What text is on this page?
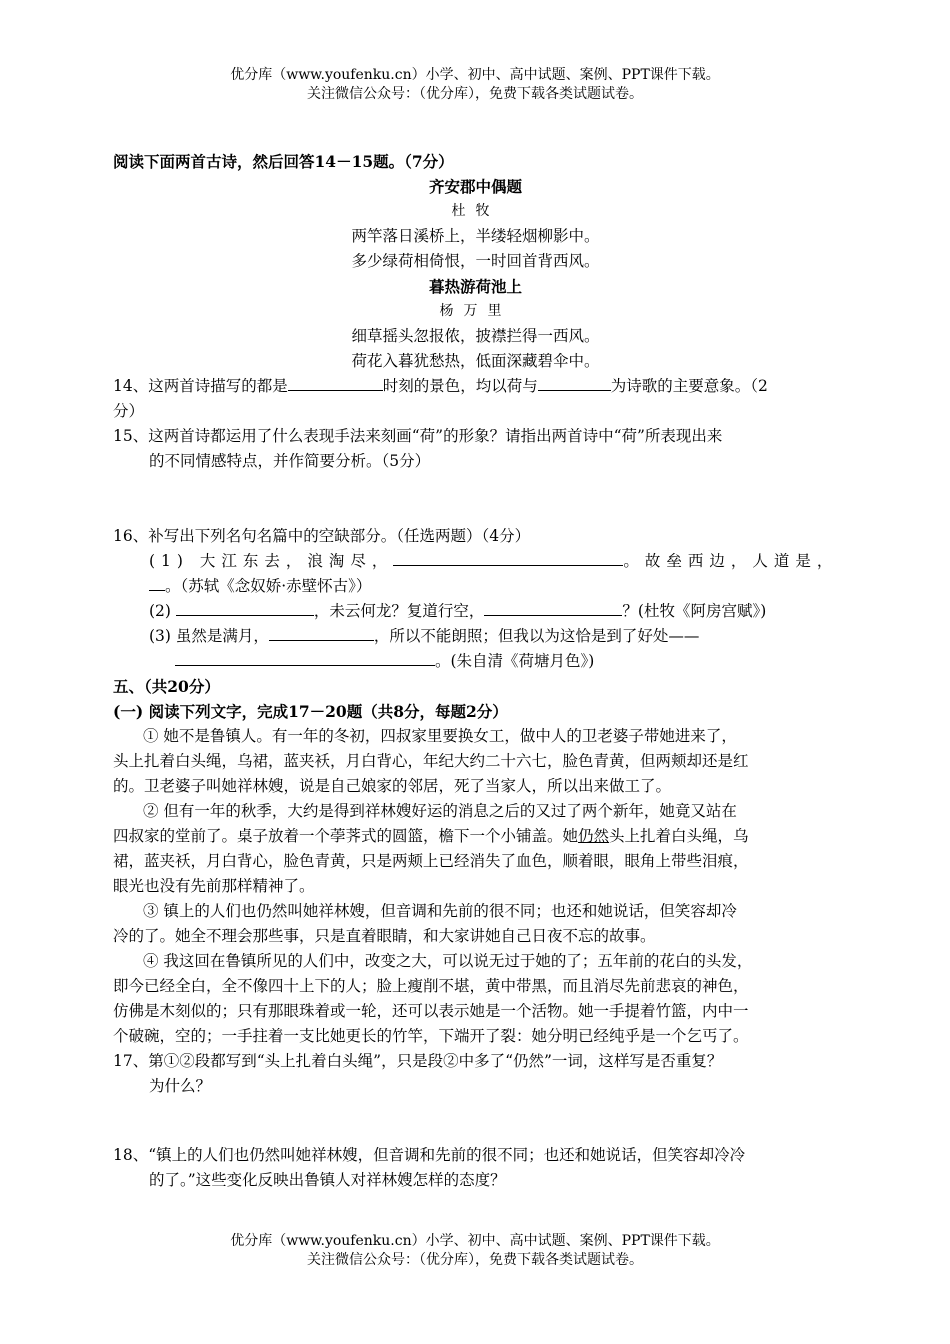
优分库（www.youfenku.cn）小学、初中、高中试题、案例、PPT课件下载。
关注微信公众号：（优分库），免费下载各类试题试卷。
阅读下面两首古诗，然后回答14－15题。（7分）
齐安郡中偶题
杜牧
两竿落日溪桥上，半缕轻烟柳影中。
多少绿荷相倚恨，一时回首背西风。
暮热游荷池上
杨万里
细草摇头忽报侬，披襟拦得一西风。
荷花入暮犹愁热，低面深藏碧伞中。
14、这两首诗描写的都是	时刻的景色，均以荷与	为诗歌的主要意象。（2
分）
15、这两首诗都运用了什么表现手法来刻画“荷”的形象？请指出两首诗中“荷”所表现出来
的不同情感特点，并作简要分析。（5分）
16、补写出下列名句名篇中的空缺部分。（任选两题）（4分）
(1) 大江东去，浪淘尽，	。故垒西边，人道是，
。（苏轼《念奴娇·赤壁怀古》）
(2)	，未云何龙？复道行空，	？(杜牧《阿房宫赋》)
(3) 虽然是满月，	，所以不能朗照；但我以为这恰是到了好处——
。(朱自清《荷塘月色》)
五、（共20分）
(一) 阅读下列文字，完成17－20题（共8分，每题2分）
① 她不是鲁镇人。有一年的冬初，四叔家里要换女工，做中人的卫老婆子带她进来了，
头上扎着白头绳，乌裙，蓝夹袄，月白背心，年纪大约二十六七，脸色青黄，但两颊却还是红
的。卫老婆子叫她祥林嫂，说是自己娘家的邻居，死了当家人，所以出来做工了。
② 但有一年的秋季，大约是得到祥林嫂好运的消息之后的又过了两个新年，她竟又站在
四叔家的堂前了。桌子放着一个荸荠式的圆篮，檐下一个小铺盖。她仍然头上扎着白头绳，乌
裙，蓝夹袄，月白背心，脸色青黄，只是两颊上已经消失了血色，顺着眼，眼角上带些泪痕，
眼光也没有先前那样精神了。
③ 镇上的人们也仍然叫她祥林嫂，但音调和先前的很不同；也还和她说话，但笑容却冷
冷的了。她全不理会那些事，只是直着眼睛，和大家讲她自己日夜不忘的故事。
④ 我这回在鲁镇所见的人们中，改变之大，可以说无过于她的了；五年前的花白的头发，
即今已经全白，全不像四十上下的人；脸上瘦削不堪，黄中带黑，而且消尽先前悲哀的神色，
仿佛是木刻似的；只有那眼珠着或一轮，还可以表示她是一个活物。她一手提着竹篮，内中一
个破碗，空的；一手拄着一支比她更长的竹竿，下端开了裂：她分明已经纯乎是一个乞丐了。
17、第①②段都写到“头上扎着白头绳”，只是段②中多了“仍然”一词，这样写是否重复？
为什么？
18、“镇上的人们也仍然叫她祥林嫂，但音调和先前的很不同；也还和她说话，但笑容却冷冷
的了。”这些变化反映出鲁镇人对祥林嫂怎样的态度？
优分库（www.youfenku.cn）小学、初中、高中试题、案例、PPT课件下载。
关注微信公众号：（优分库），免费下载各类试题试卷。
